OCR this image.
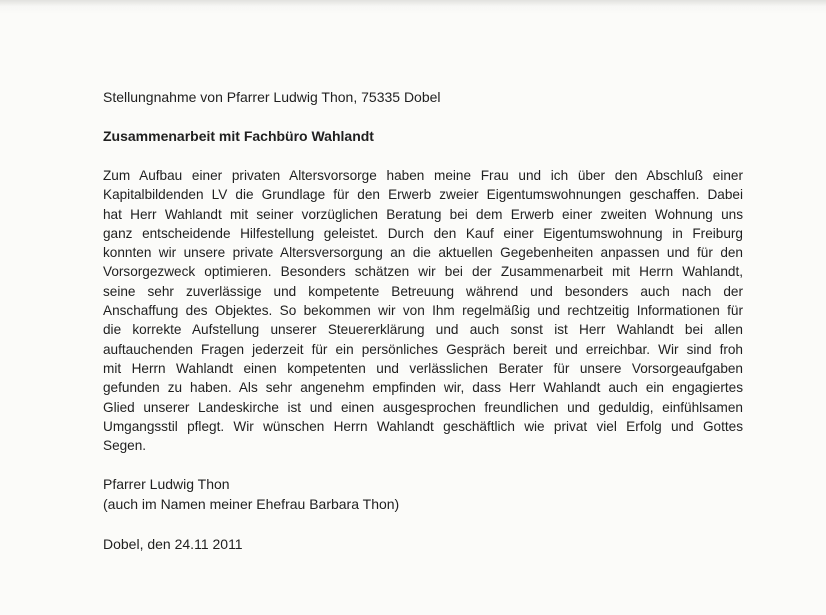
Stellungnahme von Pfarrer Ludwig Thon, 75335 Dobel

Zusammenarbeit mit Fachbüro Wahlandt

Zum Aufbau einer privaten Altersvorsorge haben meine Frau und ich über den Abschluß einer
Kapitalbildenden LV die Grundlage für den Erwerb zweier Eigentumswohnungen geschaffen. Dabei
hat Herr Wahlandt mit seiner vorzüglichen Beratung bei dem Erwerb einer zweiten Wohnung uns
ganz entscheidende Hilfestellung geleistet. Durch den Kauf einer Eigentumswohnung in Freiburg
konnten wir unsere private Altersversorgung an die aktuellen Gegebenheiten anpassen und für den
Vorsorgezweck optimieren. Besonders schätzen wir bei der Zusammenarbeit mit Herrn Wahlandt,
seine sehr zuverlässige und kompetente Betreuung während und besonders auch nach der
Anschaffung des Objektes. So bekommen wir von Ihm regelmäßig und rechtzeitig Informationen für
die korrekte Aufstellung unserer Steuererklärung und auch sonst ist Herr Wahlandt bei allen
auftauchenden Fragen jederzeit für ein persönliches Gespräch bereit und erreichbar. Wir sind froh
mit Herrn Wahlandt einen kompetenten und verlässlichen Berater für unsere Vorsorgeaufgaben
gefunden zu haben. Als sehr angenehm empfinden wir, dass Herr Wahlandt auch ein engagiertes
Glied unserer Landeskirche ist und einen ausgesprochen freundlichen und geduldig, einfühlsamen
Umgangsstil pflegt. Wir wünschen Herrn Wahlandt geschäftlich wie privat viel Erfolg und Gottes
Segen.
Pfarrer Ludwig Thon
(auch im Namen meiner Ehefrau Barbara Thon)

Dobel, den 24.11 2011
